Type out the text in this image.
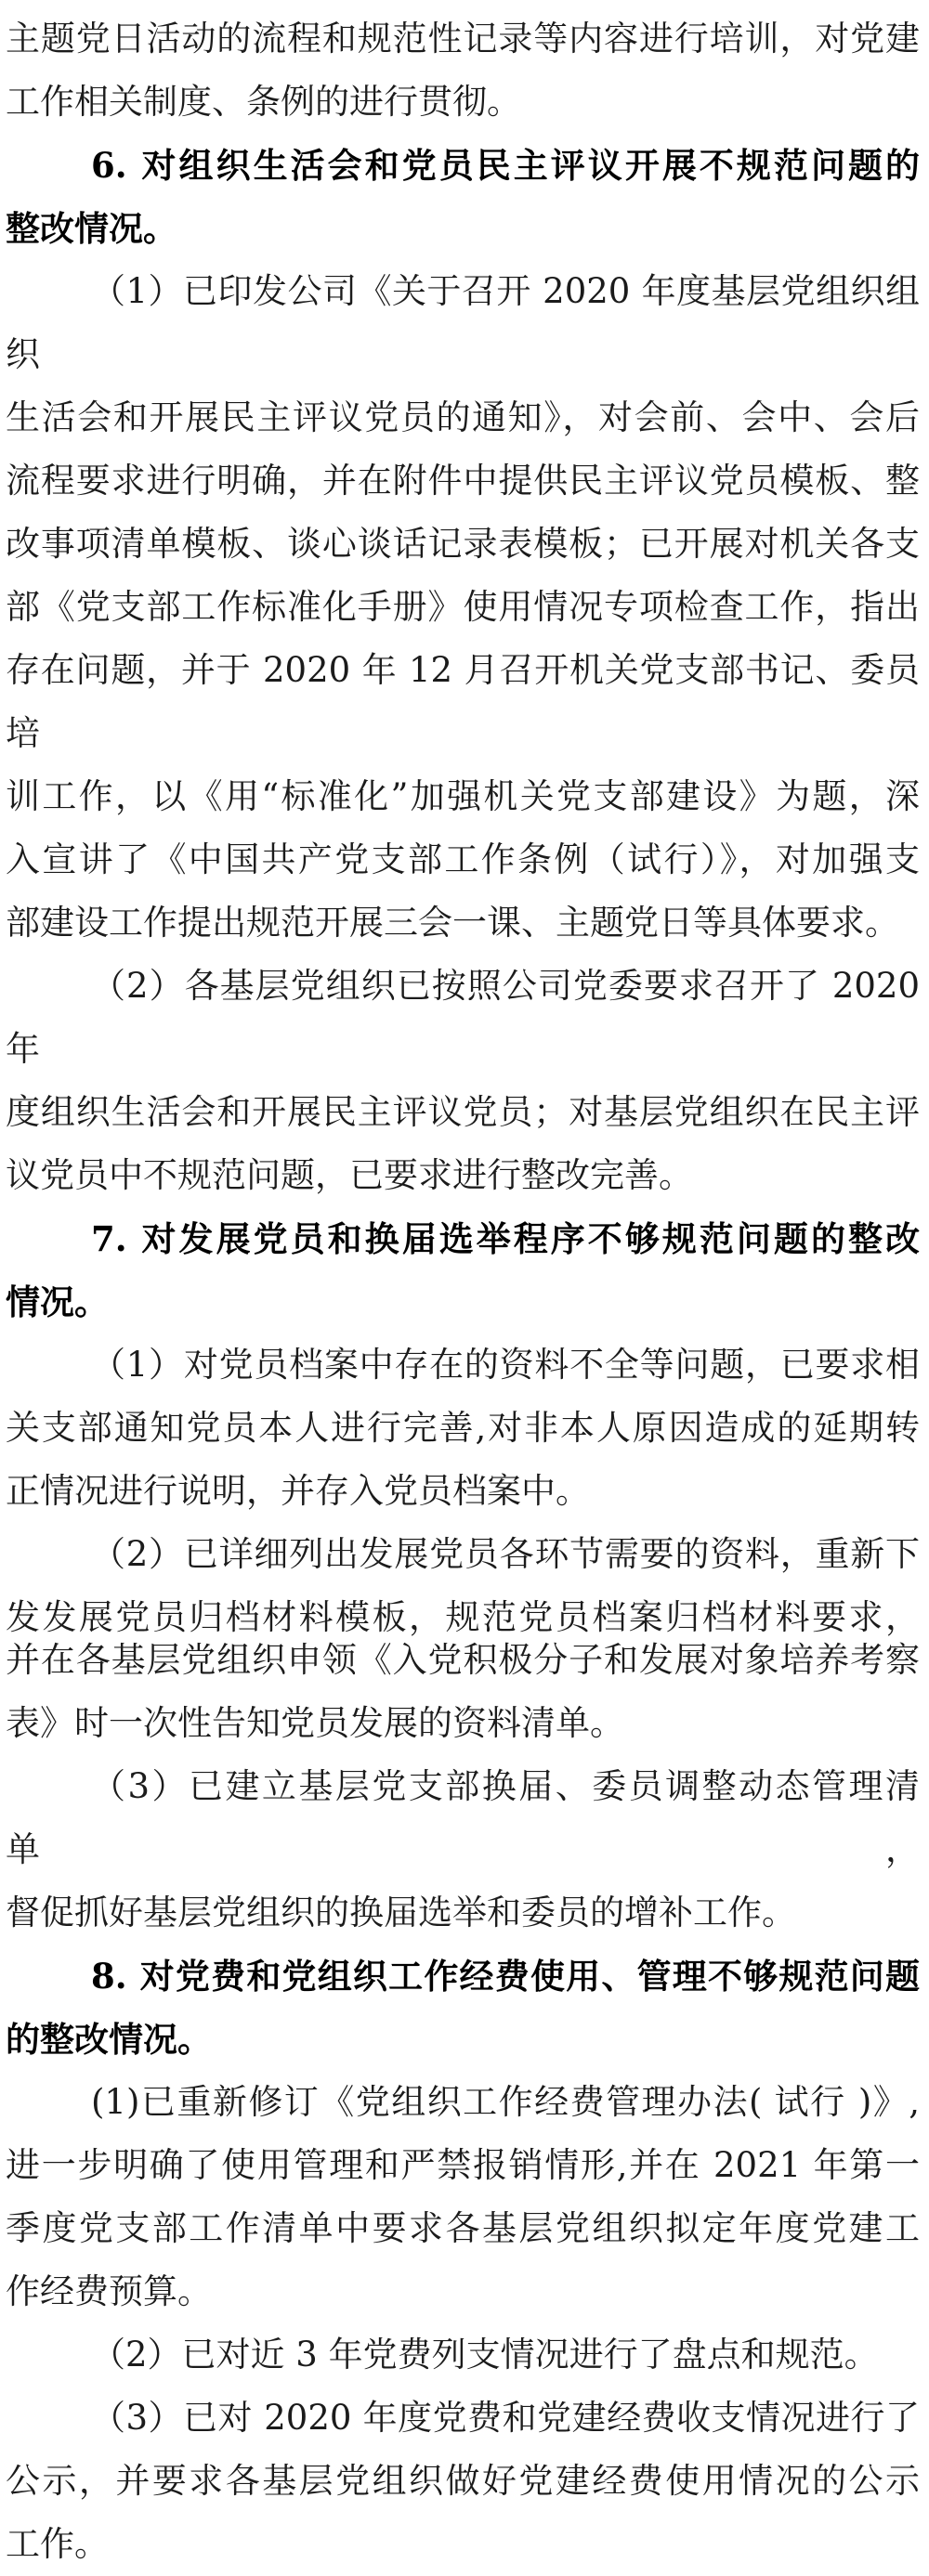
主题党日活动的流程和规范性记录等内容进行培训，对党建
工作相关制度、条例的进行贯彻。
6. 对组织生活会和党员民主评议开展不规范问题的
整改情况。
（1）已印发公司《关于召开 2020 年度基层党组织组织
生活会和开展民主评议党员的通知》，对会前、会中、会后
流程要求进行明确，并在附件中提供民主评议党员模板、整
改事项清单模板、谈心谈话记录表模板；已开展对机关各支
部《党支部工作标准化手册》使用情况专项检查工作，指出
存在问题，并于 2020 年 12 月召开机关党支部书记、委员培
训工作，以《用“标准化”加强机关党支部建设》为题，深
入宣讲了《中国共产党支部工作条例（试行）》，对加强支
部建设工作提出规范开展三会一课、主题党日等具体要求。
（2）各基层党组织已按照公司党委要求召开了 2020 年
度组织生活会和开展民主评议党员；对基层党组织在民主评
议党员中不规范问题，已要求进行整改完善。
7. 对发展党员和换届选举程序不够规范问题的整改
情况。
（1）对党员档案中存在的资料不全等问题，已要求相
关支部通知党员本人进行完善,对非本人原因造成的延期转
正情况进行说明，并存入党员档案中。
（2）已详细列出发展党员各环节需要的资料，重新下
发发展党员归档材料模板，规范党员档案归档材料要求，
并在各基层党组织申领《入党积极分子和发展对象培养考察
表》时一次性告知党员发展的资料清单。
（3）已建立基层党支部换届、委员调整动态管理清单，
督促抓好基层党组织的换届选举和委员的增补工作。
8. 对党费和党组织工作经费使用、管理不够规范问题
的整改情况。
(1)已重新修订《党组织工作经费管理办法( 试行 )》,
进一步明确了使用管理和严禁报销情形,并在 2021 年第一
季度党支部工作清单中要求各基层党组织拟定年度党建工
作经费预算。
（2）已对近 3 年党费列支情况进行了盘点和规范。
（3）已对 2020 年度党费和党建经费收支情况进行了
公示，并要求各基层党组织做好党建经费使用情况的公示
工作。
